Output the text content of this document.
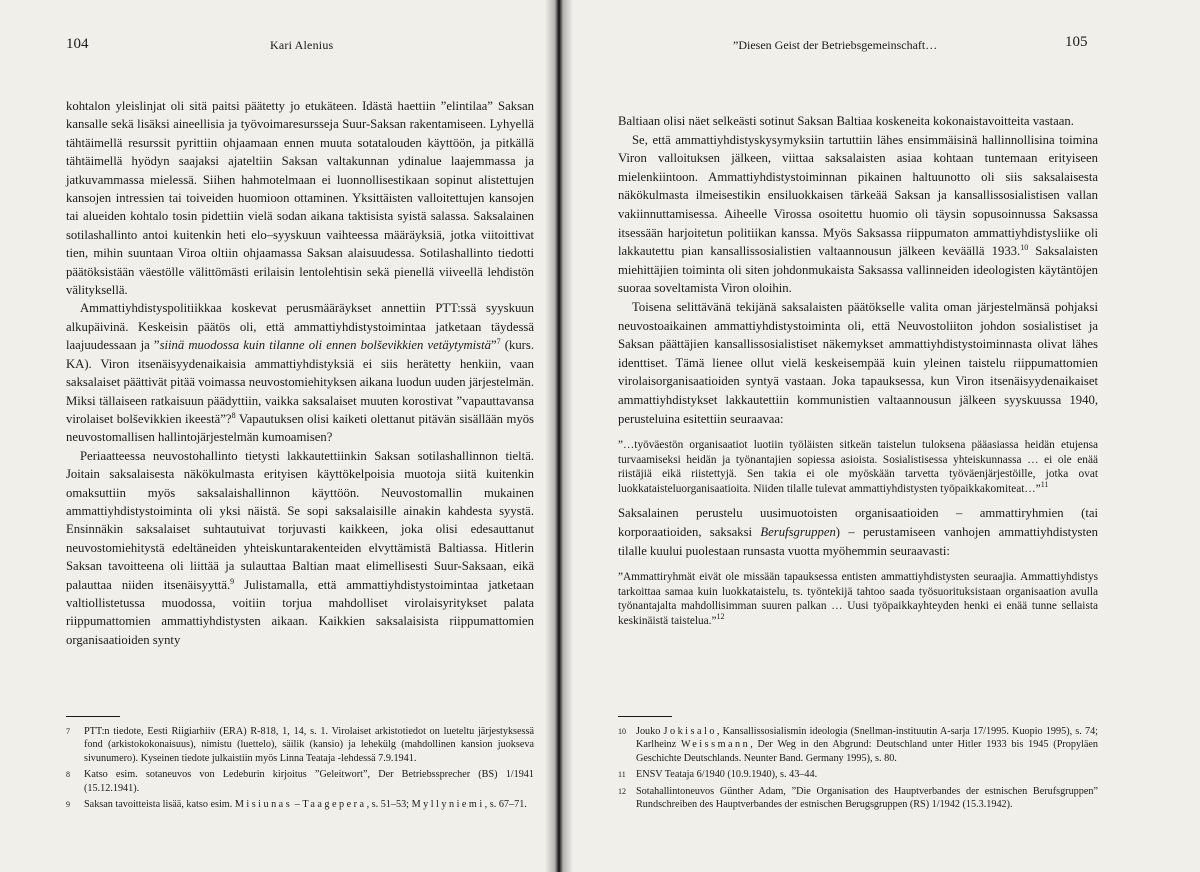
104	Kari Alenius

kohtalon yleislinjat oli sitä paitsi päätetty jo etukäteen. Idästä haettiin ”elintilaa” Saksan kansalle sekä lisäksi aineellisia ja työvoimaresursseja Suur-Saksan rakentamiseen. Lyhyellä tähtäimellä resurssit pyrittiin ohjaamaan ennen muuta sotatalouden käyttöön, ja pitkällä tähtäimellä hyödyn saajaksi ajateltiin Saksan valtakunnan ydinalue laajemmassa ja jatkuvammassa mielessä. Siihen hahmotelmaan ei luonnollisestikaan sopinut alistettujen kansojen intressien tai toiveiden huomioon ottaminen. Yksittäisten valloitettujen kansojen tai alueiden kohtalo tosin pidettiin vielä sodan aikana taktisista syistä salassa. Saksalainen sotilashallinto antoi kuitenkin heti elo–syyskuun vaihteessa määräyksiä, jotka viitoittivat tien, mihin suuntaan Viroa oltiin ohjaamassa Saksan alaisuudessa. Sotilashallinto tiedotti päätöksistään väestölle välittömästi erilaisin lentolehtisin sekä pienellä viiveellä lehdistön välityksellä.

Ammattiyhdistyspolitiikkaa koskevat perusmääräykset annettiin PTT:ssä syyskuun alkupäivinä. Keskeisin päätös oli, että ammattiyhdistystoimintaa jatketaan täydessä laajuudessaan ja ”siinä muodossa kuin tilanne oli ennen bolševikkien vetäytymistä”$^7$ (kurs. KA). Viron itsenäisyydenaikaisia ammattiyhdistyksiä ei siis herätetty henkiin, vaan saksalaiset päättivät pitää voimassa neuvostomiehityksen aikana luodun uuden järjestelmän. Miksi tällaiseen ratkaisuun päädyttiin, vaikka saksalaiset muuten korostivat ”vapauttavansa virolaiset bolševikkien ikeestä”?$^8$ Vapautuksen olisi kaiketi olettanut pitävän sisällään myös neuvostomallisen hallintojärjestelmän kumoamisen?

Periaatteessa neuvostohallinto tietysti lakkautettiinkin Saksan sotilashallinnon tieltä. Joitain saksalaisesta näkökulmasta erityisen käyttökelpoisia muotoja siitä kuitenkin omaksuttiin myös saksalaishallinnon käyttöön. Neuvostomallin mukainen ammattiyhdistystoiminta oli yksi näistä. Se sopi saksalaisille ainakin kahdesta syystä. Ensinnäkin saksalaiset suhtautuivat torjuvasti kaikkeen, joka olisi edesauttanut neuvostomiehitystä edeltäneiden yhteiskuntarakenteiden elvyttämistä Baltiassa. Hitlerin Saksan tavoitteena oli liittää ja sulauttaa Baltian maat elimellisesti Suur-Saksaan, eikä palauttaa niiden itsenäisyyttä.$^9$ Julistamalla, että ammattiyhdistystoimintaa jatketaan valtiollistetussa muodossa, voitiin torjua mahdolliset virolaisyritykset palata riippumattomien ammattiyhdistysten aikaan. Kaikkien saksalaisista riippumattomien organisaatioiden synty

7	PTT:n tiedote, Eesti Riigiarhiiv (ERA) R-818, 1, 14, s. 1. Virolaiset arkistotiedot on lueteltu järjestyksessä fond (arkistokokonaisuus), nimistu (luettelo), säilik (kansio) ja lehekülg (mahdollinen kansion juokseva sivunumero). Kyseinen tiedote julkaistiin myös Linna Teataja -lehdessä 7.9.1941.
8	Katso esim. sotaneuvos von Ledeburin kirjoitus ”Geleitwort”, Der Betriebssprecher (BS) 1/1941 (15.12.1941).
9	Saksan tavoitteista lisää, katso esim. Misiunas – Taagepera, s. 51–53; Myllyniemi, s. 67–71.
”Diesen Geist der Betriebsgemeinschaft…	105

Baltiaan olisi näet selkeästi sotinut Saksan Baltiaa koskeneita kokonaistavoitteita vastaan.

Se, että ammattiyhdistyskysymyksiin tartuttiin lähes ensimmäisinä hallinnollisina toimina Viron valloituksen jälkeen, viittaa saksalaisten asiaa kohtaan tuntemaan erityiseen mielenkiintoon. Ammattiyhdistystoiminnan pikainen haltuunotto oli siis saksalaisesta näkökulmasta ilmeisestikin ensiluokkaisen tärkeää Saksan ja kansallissosialistisen vallan vakiinnuttamisessa. Aiheelle Virossa osoitettu huomio oli täysin sopusoinnussa Saksassa itsessään harjoitetun politiikan kanssa. Myös Saksassa riippumaton ammattiyhdistysliike oli lakkautettu pian kansallissosialistien valtaannousun jälkeen keväällä 1933.10 Saksalaisten miehittäjien toiminta oli siten johdonmukaista Saksassa vallinneiden ideologisten käytäntöjen suoraa soveltamista Viron oloihin.

Toisena selittävänä tekijänä saksalaisten päätökselle valita oman järjestelmänsä pohjaksi neuvostoaikainen ammattiyhdistystoiminta oli, että Neuvostoliiton johdon sosialistiset ja Saksan päättäjien kansallissosialistiset näkemykset ammattiyhdistystoiminnasta olivat lähes identtiset. Tämä lienee ollut vielä keskeisempää kuin yleinen taistelu riippumattomien virolaisorganisaatioiden syntyä vastaan. Joka tapauksessa, kun Viron itsenäisyydenaikaiset ammattiyhdistykset lakkautettiin kommunistien valtaannousun jälkeen syyskuussa 1940, perusteluina esitettiin seuraavaa:

”…työväestön organisaatiot luotiin työläisten sitkeän taistelun tuloksena pääasiassa heidän etujensa turvaamiseksi heidän ja työnantajien sopiessa asioista. Sosialistisessa yhteiskunnassa … ei ole enää riistäjiä eikä riistettyjä. Sen takia ei ole myöskään tarvetta työväenjärjestöille, jotka ovat luokkataisteluorganisaatioita. Niiden tilalle tulevat ammattiyhdistysten työpaikkakomiteat…”$^{11}$

Saksalainen perustelu uusimuotoisten organisaatioiden – ammattiryhmien (tai korporaatioiden, saksaksi Berufsgruppen) – perustamiseen vanhojen ammattiyhdistysten tilalle kuului puolestaan runsasta vuotta myöhemmin seuraavasti:

”Ammattiryhmät eivät ole missään tapauksessa entisten ammattiyhdistysten seuraajia. Ammattiyhdistys tarkoittaa samaa kuin luokkataistelu, ts. työntekijä tahtoo saada työsuorituksistaan organisaation avulla työnantajalta mahdollisimman suuren palkan … Uusi työpaikkayhteyden henki ei enää tunne sellaista keskinäistä taistelua.”$^{12}$
10 Jouko Jokisalo, Kansallissosialismin ideologia (Snellman-instituutin A-sarja 17/1995. Kuopio 1995), s. 74; Karlheinz Weissmann, Der Weg in den Abgrund: Deutschland unter Hitler 1933 bis 1945 (Propyläen Geschichte Deutschlands. Neunter Band. Germany 1995), s. 80.
11	ENSV Teataja 6/1940 (10.9.1940), s. 43–44.
12 Sotahallintoneuvos Günther Adam, ”Die Organisation des Hauptverbandes der estnischen Berufsgruppen” Rundschreiben des Hauptverbandes der estnischen Berugsgruppen (RS) 1/1942 (15.3.1942).
